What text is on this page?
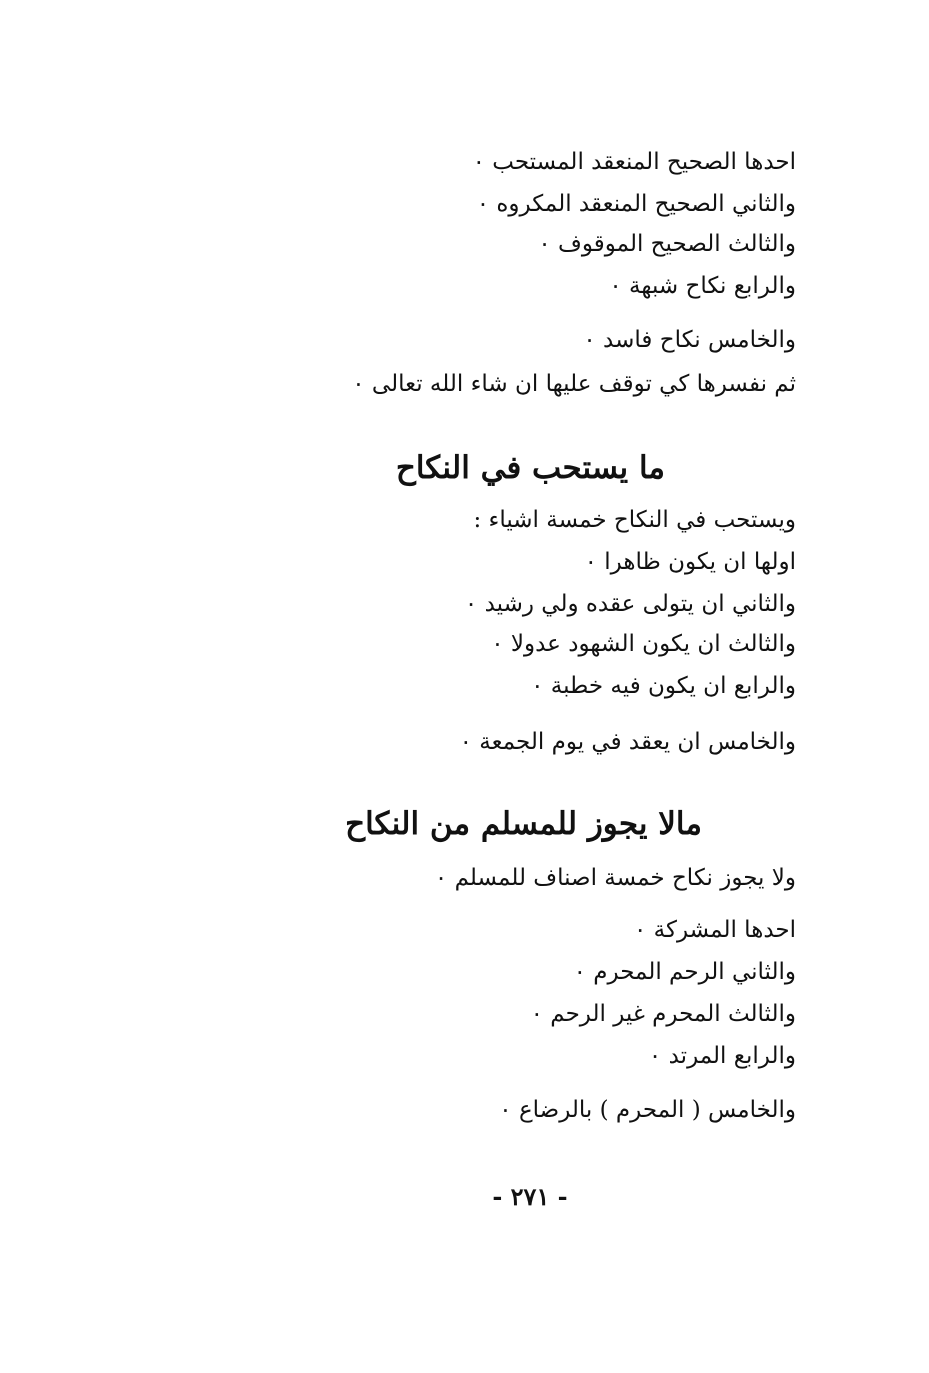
احدها الصحيح المنعقد المستحب ٠
والثاني الصحيح المنعقد المكروه ٠
والثالث الصحيح الموقوف ٠
والرابع نكاح شبهة ٠
والخامس نكاح فاسد ٠
ثم نفسرها كي توقف عليها ان شاء الله تعالى ٠
ما يستحب في النكاح
ويستحب في النكاح خمسة اشياء :
اولها ان يكون ظاهرا ٠
والثاني ان يتولى عقده ولي رشيد ٠
والثالث ان يكون الشهود عدولا ٠
والرابع ان يكون فيه خطبة ٠
والخامس ان يعقد في يوم الجمعة ٠
مالا يجوز للمسلم من النكاح
ولا يجوز نكاح خمسة اصناف للمسلم ٠
احدها المشركة ٠
والثاني الرحم المحرم ٠
والثالث المحرم غير الرحم ٠
والرابع المرتد ٠
والخامس ( المحرم ) بالرضاع ٠
- ٢٧١ -
